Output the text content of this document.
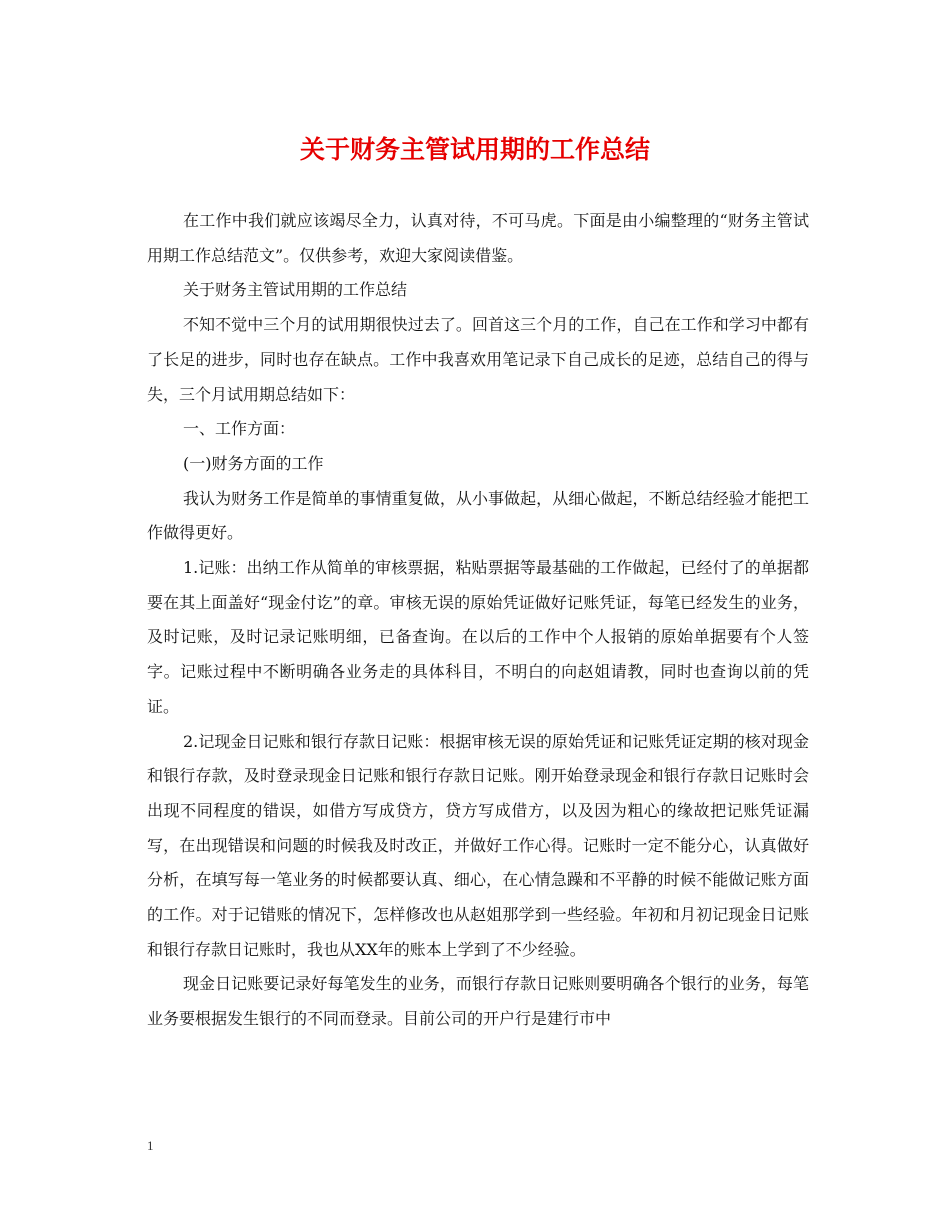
关于财务主管试用期的工作总结

在工作中我们就应该竭尽全力，认真对待，不可马虎。下面是由小编整理的“财务主管试用期工作总结范文”。仅供参考，欢迎大家阅读借鉴。

关于财务主管试用期的工作总结

不知不觉中三个月的试用期很快过去了。回首这三个月的工作，自己在工作和学习中都有了长足的进步，同时也存在缺点。工作中我喜欢用笔记录下自己成长的足迹，总结自己的得与失，三个月试用期总结如下：

一、工作方面：

(一)财务方面的工作

我认为财务工作是简单的事情重复做，从小事做起，从细心做起，不断总结经验才能把工作做得更好。

1.记账：出纳工作从简单的审核票据，粘贴票据等最基础的工作做起，已经付了的单据都要在其上面盖好“现金付讫”的章。审核无误的原始凭证做好记账凭证，每笔已经发生的业务，及时记账，及时记录记账明细，已备查询。在以后的工作中个人报销的原始单据要有个人签字。记账过程中不断明确各业务走的具体科目，不明白的向赵姐请教，同时也查询以前的凭证。

2.记现金日记账和银行存款日记账：根据审核无误的原始凭证和记账凭证定期的核对现金和银行存款，及时登录现金日记账和银行存款日记账。刚开始登录现金和银行存款日记账时会出现不同程度的错误，如借方写成贷方，贷方写成借方，以及因为粗心的缘故把记账凭证漏写，在出现错误和问题的时候我及时改正，并做好工作心得。记账时一定不能分心，认真做好分析，在填写每一笔业务的时候都要认真、细心，在心情急躁和不平静的时候不能做记账方面的工作。对于记错账的情况下，怎样修改也从赵姐那学到一些经验。年初和月初记现金日记账和银行存款日记账时，我也从XX年的账本上学到了不少经验。

现金日记账要记录好每笔发生的业务，而银行存款日记账则要明确各个银行的业务，每笔业务要根据发生银行的不同而登录。目前公司的开户行是建行市中

1
